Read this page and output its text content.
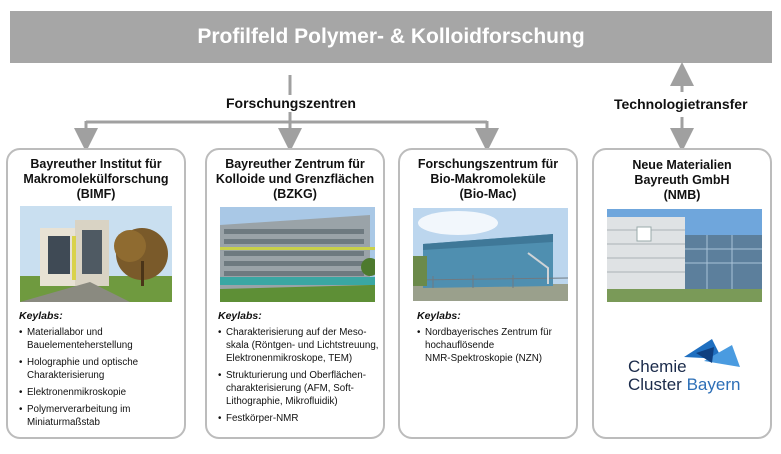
Profilfeld Polymer- & Kolloidforschung
Forschungszentren	Technologietransfer
Bayreuther Institut für
Makromolekülforschung
(BIMF)
Keylabs:
• Materiallabor und
Bauelementeherstellung
• Holographie und optische
Charakterisierung
• Elektronenmikroskopie
• Polymerverarbeitung im
Miniaturmaßstab
Bayreuther Zentrum für
Kolloide und Grenzflächen
(BZKG)
Keylabs:
• Charakterisierung auf der Meso-
skala (Röntgen- und Lichtstreuung,
Elektronenmikroskope, TEM)
• Strukturierung und Oberflächen-
charakterisierung (AFM, Soft-
Lithographie, Mikrofluidik)
• Festkörper-NMR
Forschungszentrum für
Bio-Makromoleküle
(Bio-Mac)
Keylabs:
• Nordbayerisches Zentrum für
hochauflösende
NMR-Spektroskopie (NZN)
Neue Materialien
Bayreuth GmbH
(NMB)
Chemie
Cluster Bayern
